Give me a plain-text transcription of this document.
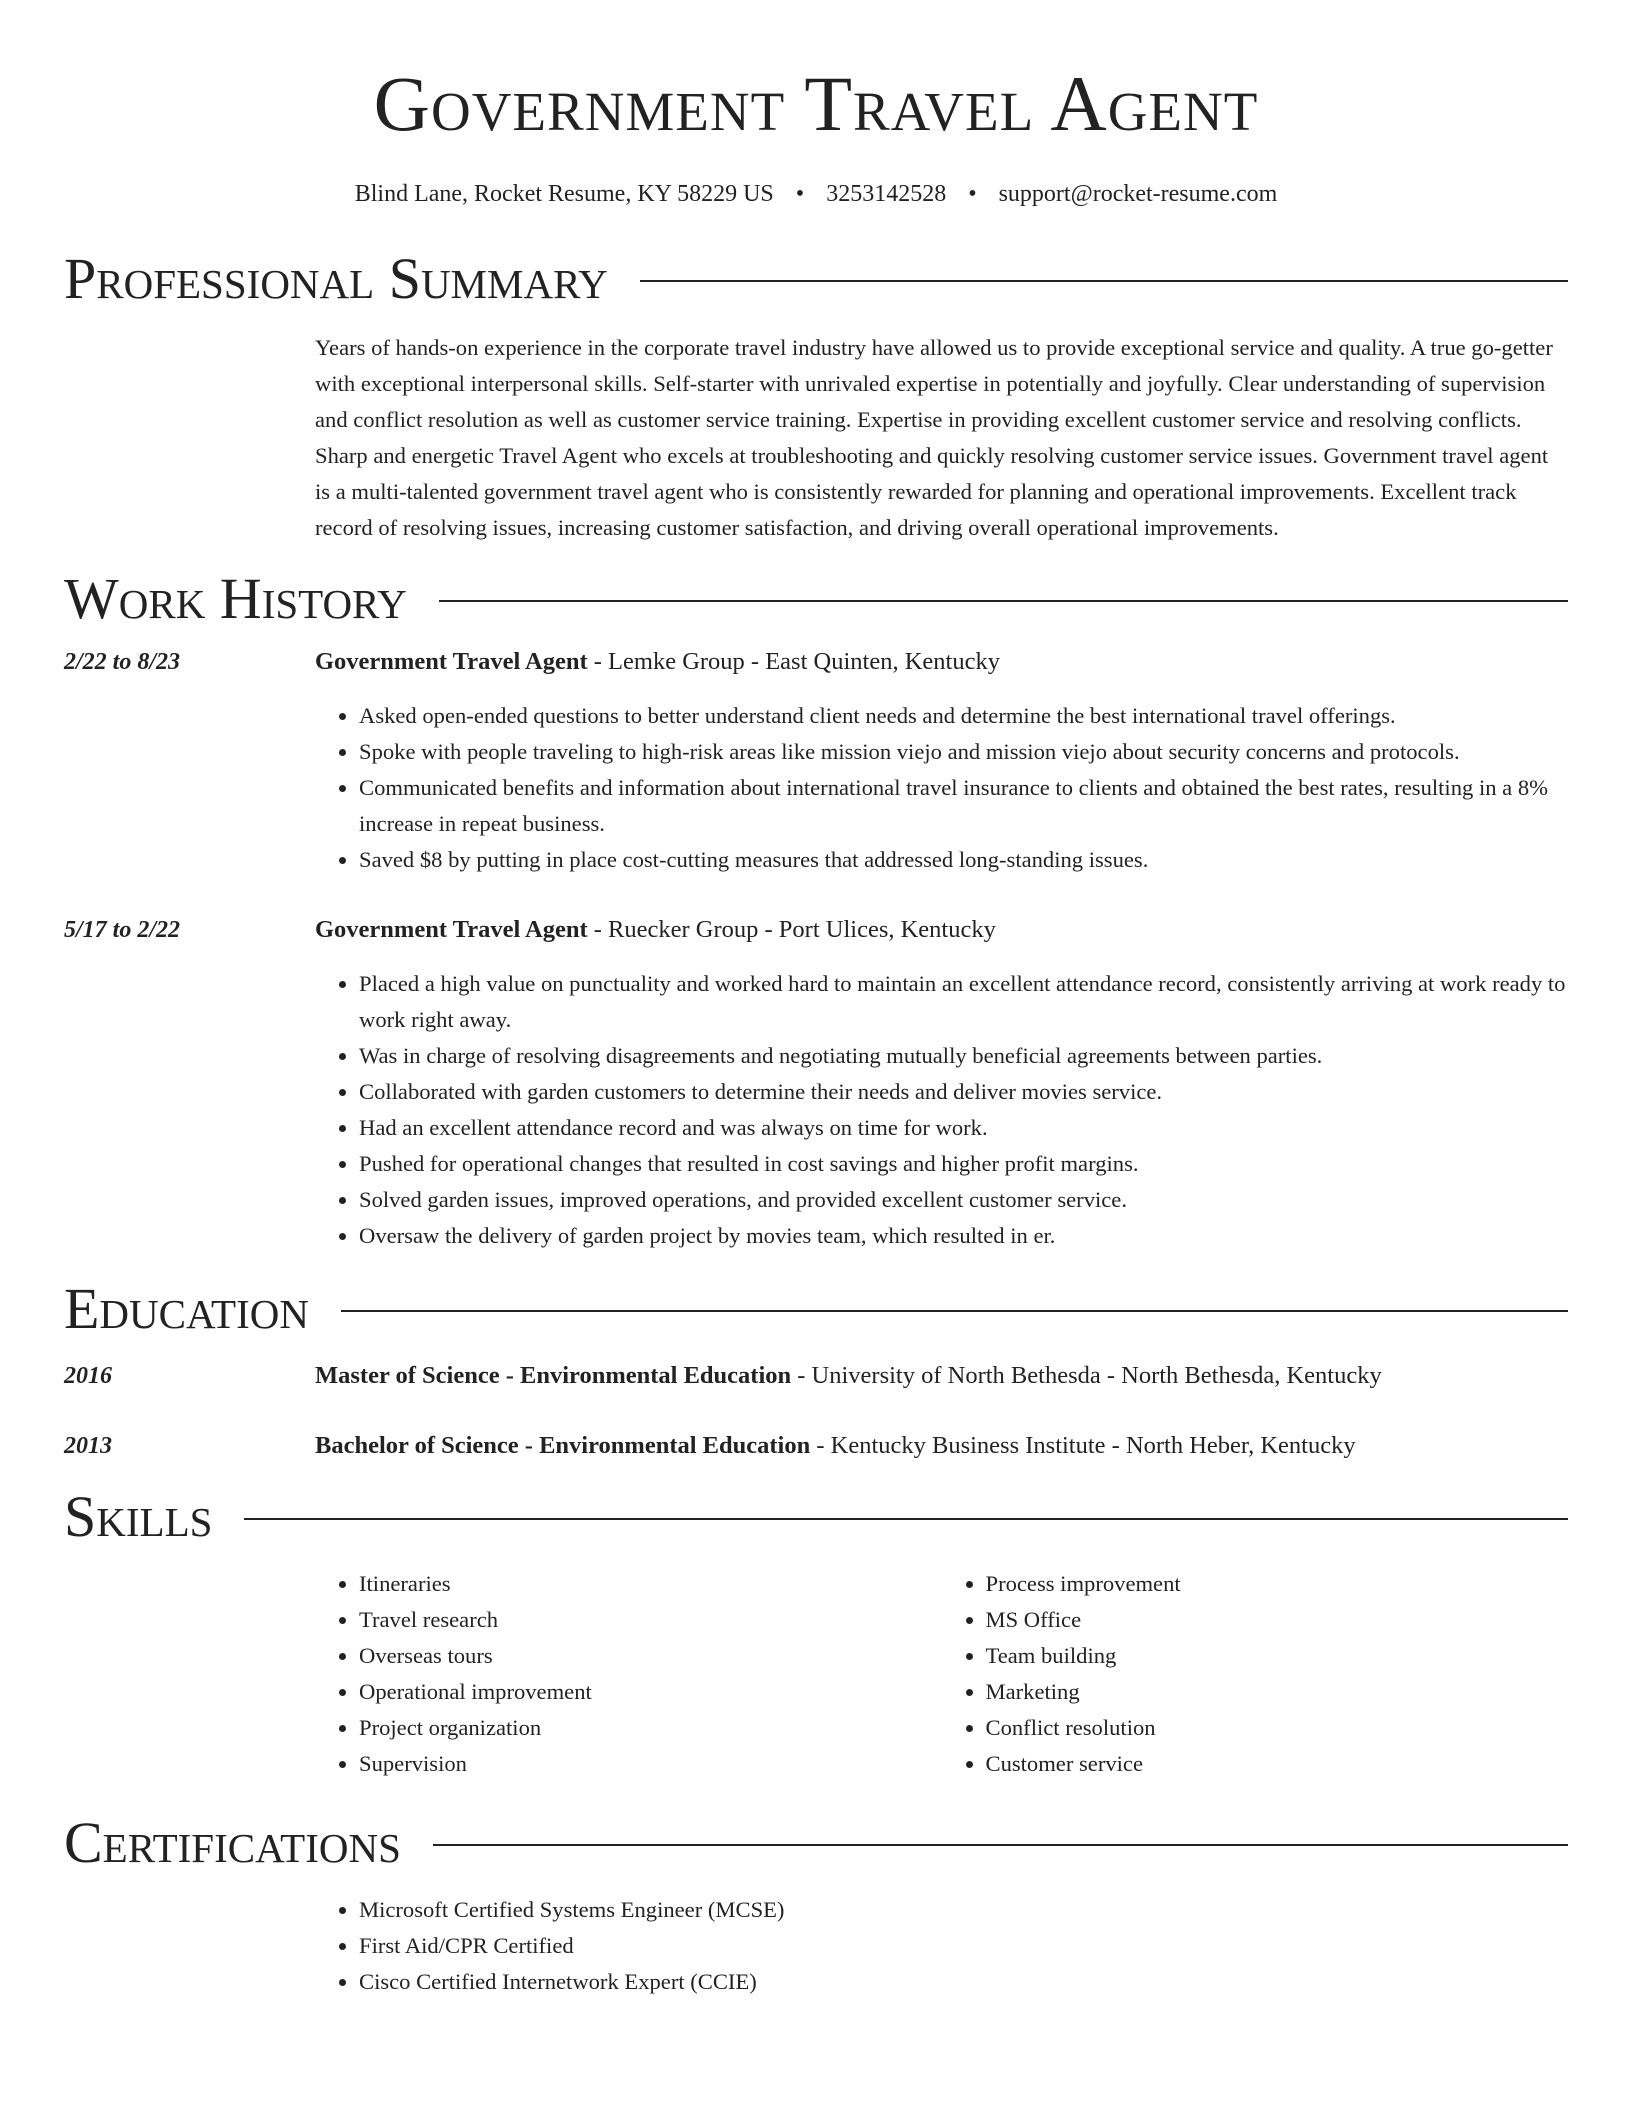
Government Travel Agent
Blind Lane, Rocket Resume, KY 58229 US • 3253142528 • support@rocket-resume.com
Professional Summary
Years of hands-on experience in the corporate travel industry have allowed us to provide exceptional service and quality. A true go-getter with exceptional interpersonal skills. Self-starter with unrivaled expertise in potentially and joyfully. Clear understanding of supervision and conflict resolution as well as customer service training. Expertise in providing excellent customer service and resolving conflicts. Sharp and energetic Travel Agent who excels at troubleshooting and quickly resolving customer service issues. Government travel agent is a multi-talented government travel agent who is consistently rewarded for planning and operational improvements. Excellent track record of resolving issues, increasing customer satisfaction, and driving overall operational improvements.
Work History
2/22 to 8/23	Government Travel Agent - Lemke Group - East Quinten, Kentucky
• Asked open-ended questions to better understand client needs and determine the best international travel offerings.
• Spoke with people traveling to high-risk areas like mission viejo and mission viejo about security concerns and protocols.
• Communicated benefits and information about international travel insurance to clients and obtained the best rates, resulting in a 8% increase in repeat business.
• Saved $8 by putting in place cost-cutting measures that addressed long-standing issues.
5/17 to 2/22	Government Travel Agent - Ruecker Group - Port Ulices, Kentucky
• Placed a high value on punctuality and worked hard to maintain an excellent attendance record, consistently arriving at work ready to work right away.
• Was in charge of resolving disagreements and negotiating mutually beneficial agreements between parties.
• Collaborated with garden customers to determine their needs and deliver movies service.
• Had an excellent attendance record and was always on time for work.
• Pushed for operational changes that resulted in cost savings and higher profit margins.
• Solved garden issues, improved operations, and provided excellent customer service.
• Oversaw the delivery of garden project by movies team, which resulted in er.
Education
2016	Master of Science - Environmental Education - University of North Bethesda - North Bethesda, Kentucky
2013	Bachelor of Science - Environmental Education - Kentucky Business Institute - North Heber, Kentucky
Skills
• Itineraries
• Travel research
• Overseas tours
• Operational improvement
• Project organization
• Supervision
• Process improvement
• MS Office
• Team building
• Marketing
• Conflict resolution
• Customer service
Certifications
• Microsoft Certified Systems Engineer (MCSE)
• First Aid/CPR Certified
• Cisco Certified Internetwork Expert (CCIE)
